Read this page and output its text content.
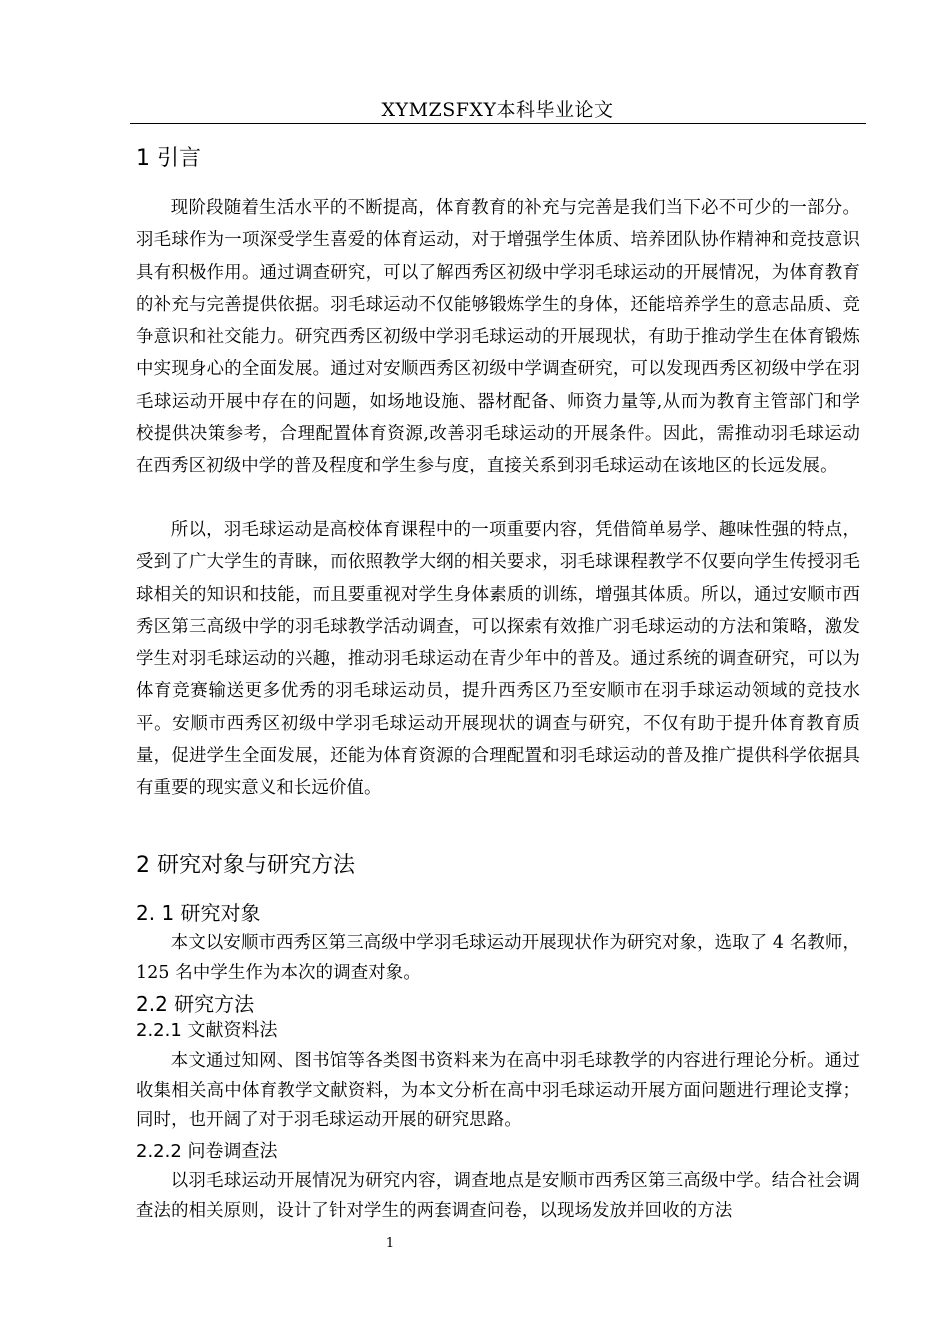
XYMZSFXY本科毕业论文
1 引言

现阶段随着生活水平的不断提高，体育教育的补充与完善是我们当下必不可少的一部分。羽毛球作为一项深受学生喜爱的体育运动，对于增强学生体质、培养团队协作精神和竞技意识具有积极作用。通过调查研究，可以了解西秀区初级中学羽毛球运动的开展情况，为体育教育的补充与完善提供依据。羽毛球运动不仅能够锻炼学生的身体，还能培养学生的意志品质、竞争意识和社交能力。研究西秀区初级中学羽毛球运动的开展现状，有助于推动学生在体育锻炼中实现身心的全面发展。通过对安顺西秀区初级中学调查研究，可以发现西秀区初级中学在羽毛球运动开展中存在的问题，如场地设施、器材配备、师资力量等,从而为教育主管部门和学校提供决策参考，合理配置体育资源,改善羽毛球运动的开展条件。因此，需推动羽毛球运动在西秀区初级中学的普及程度和学生参与度，直接关系到羽毛球运动在该地区的长远发展。

所以，羽毛球运动是高校体育课程中的一项重要内容，凭借简单易学、趣味性强的特点，受到了广大学生的青睐，而依照教学大纲的相关要求，羽毛球课程教学不仅要向学生传授羽毛球相关的知识和技能，而且要重视对学生身体素质的训练，增强其体质。所以，通过安顺市西秀区第三高级中学的羽毛球教学活动调查，可以探索有效推广羽毛球运动的方法和策略，激发学生对羽毛球运动的兴趣，推动羽毛球运动在青少年中的普及。通过系统的调查研究，可以为体育竞赛输送更多优秀的羽毛球运动员，提升西秀区乃至安顺市在羽手球运动领域的竞技水平。安顺市西秀区初级中学羽毛球运动开展现状的调查与研究，不仅有助于提升体育教育质量，促进学生全面发展，还能为体育资源的合理配置和羽毛球运动的普及推广提供科学依据具有重要的现实意义和长远价值。

2 研究对象与研究方法
2. 1 研究对象

本文以安顺市西秀区第三高级中学羽毛球运动开展现状作为研究对象，选取了 4 名教师，125 名中学生作为本次的调查对象。

2.2 研究方法
2.2.1 文献资料法

本文通过知网、图书馆等各类图书资料来为在高中羽毛球教学的内容进行理论分析。通过收集相关高中体育教学文献资料，为本文分析在高中羽毛球运动开展方面问题进行理论支撑；同时，也开阔了对于羽毛球运动开展的研究思路。

2.2.2 问卷调查法

以羽毛球运动开展情况为研究内容，调查地点是安顺市西秀区第三高级中学。结合社会调查法的相关原则，设计了针对学生的两套调查问卷，以现场发放并回收的方法

1
